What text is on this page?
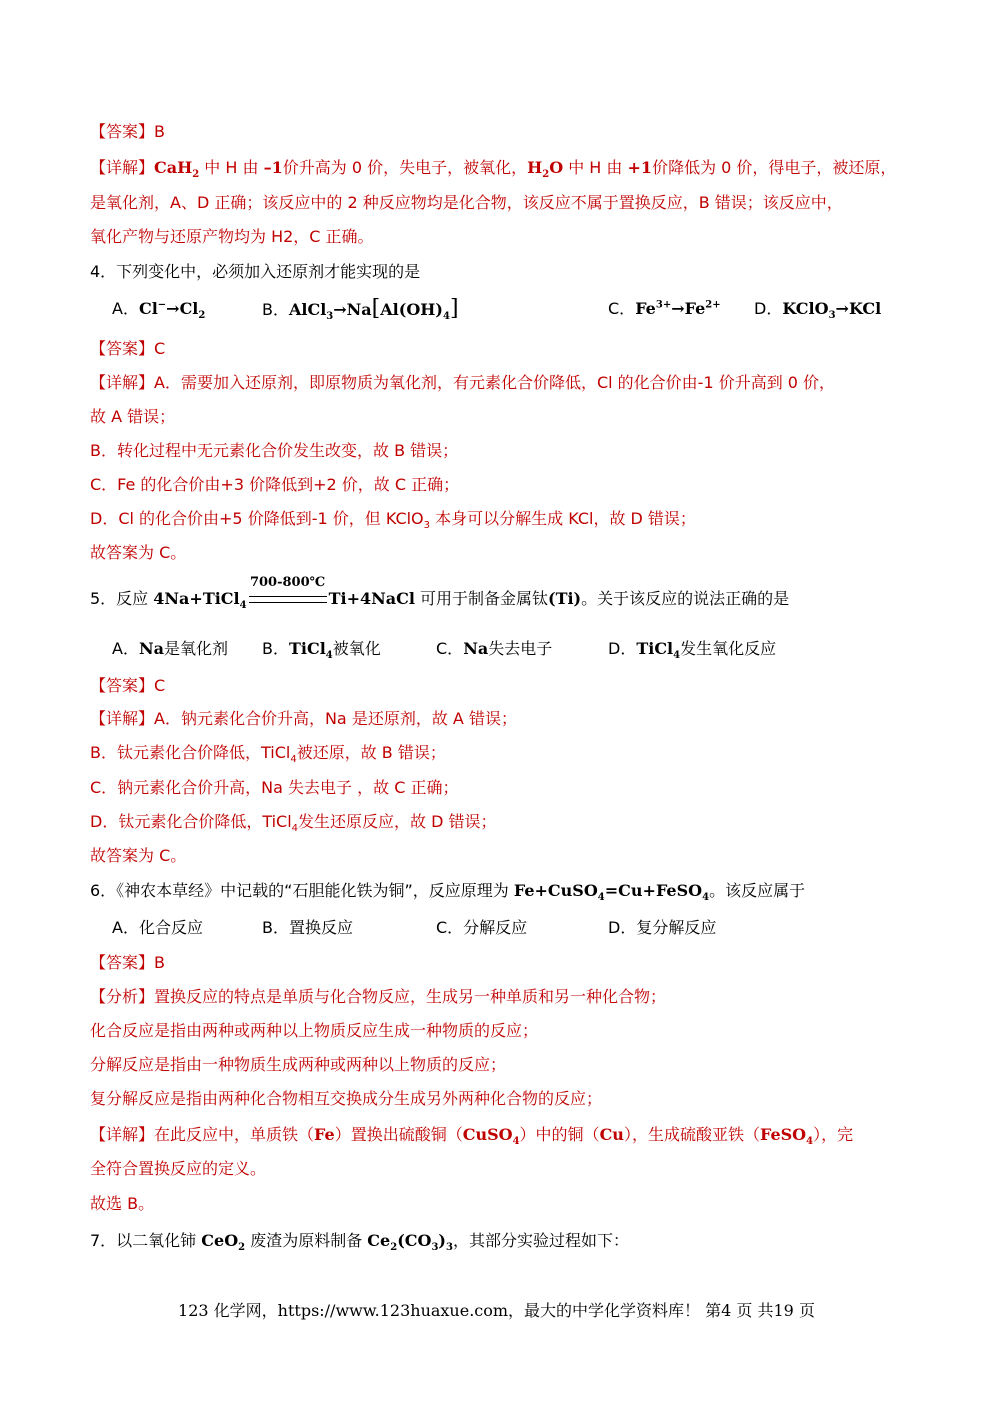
【答案】B
【详解】CaH$_2$ 中 H 由 –1价升高为 0 价，失电子，被氧化，$H_2O$ 中 H 由 +1价降低为 0 价，得电子，被还原，
是氧化剂，A、D 正确；该反应中的 2 种反应物均是化合物，该反应不属于置换反应，B 错误；该反应中，
氧化产物与还原产物均为 H2，C 正确。
4．下列变化中，必须加入还原剂才能实现的是
A．$Cl^-\to Cl_2$	B．$AlCl_3\to Na[Al(OH)_4]$	C．$Fe^{3+}\to Fe^{2+}$ D．KClO$_3$→KCl
【答案】C
【详解】A．需要加入还原剂，即原物质为氧化剂，有元素化合价降低，Cl 的化合价由-1 价升高到 0 价，
故 A 错误；
B．转化过程中无元素化合价发生改变，故 B 错误；
C．Fe 的化合价由+3 价降低到+2 价，故 C 正确；
D．Cl 的化合价由+5 价降低到-1 价，但 KClO$_3$ 本身可以分解生成 KCl，故 D 错误；
故答案为 C。
5．反应 4Na+TiCl$_4$
700-800℃
Ti+4NaCl 可用于制备金属钛(Ti)。关于该反应的说法正确的是
A．Na是氧化剂 B．TiCl$_4$被氧化	C．Na失去电子	D．TiCl$_4$发生氧化反应
【答案】C
【详解】A．钠元素化合价升高，Na 是还原剂，故 A 错误；
B．钛元素化合价降低，TiCl$_4$被还原，故 B 错误；
C．钠元素化合价升高，Na 失去电子 ，故 C 正确；
D．钛元素化合价降低，TiCl$_4$发生还原反应，故 D 错误；
故答案为 C。
6．《神农本草经》中记载的“石胆能化铁为铜”，反应原理为 Fe+CuSO$_4$=Cu+FeSO$_4$。该反应属于
A．化合反应	B．置换反应	C．分解反应	D．复分解反应
【答案】B
【分析】置换反应的特点是单质与化合物反应，生成另一种单质和另一种化合物；
化合反应是指由两种或两种以上物质反应生成一种物质的反应；
分解反应是指由一种物质生成两种或两种以上物质的反应；
复分解反应是指由两种化合物相互交换成分生成另外两种化合物的反应；
【详解】在此反应中，单质铁（Fe）置换出硫酸铜（CuSO$_4$）中的铜（Cu），生成硫酸亚铁（FeSO$_4$），完
全符合置换反应的定义。
故选 B。
7．以二氧化铈 CeO$_2$ 废渣为原料制备 $Ce_2(CO_3)_3$，其部分实验过程如下：
123 化学网，https://www.123huaxue.com，最大的中学化学资料库！ 第4 页 共19 页
